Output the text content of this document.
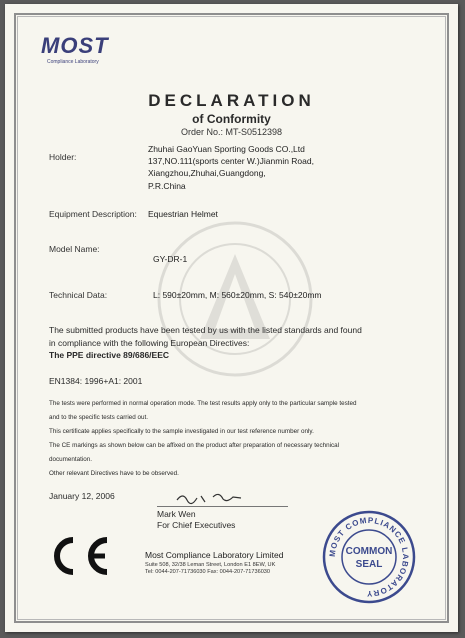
MOST
Compliance Laboratory
DECLARATION
of Conformity
Order No.: MT-S0512398
Holder:
Zhuhai GaoYuan Sporting Goods CO.,Ltd
137,NO.111(sports center W.)Jianmin Road,
Xiangzhou,Zhuhai,Guangdong,
P.R.China
Equipment Description: Equestrian Helmet
Model Name:
GY-DR-1
Technical Data:	L: 590±20mm, M: 560±20mm, S: 540±20mm
The submitted products have been tested by us with the listed standards and found
in compliance with the following European Directives:
The PPE directive 89/686/EEC
EN1384: 1996+A1: 2001
The tests were performed in normal operation mode. The test results apply only to the particular sample tested
and to the specific tests carried out.
This certificate applies specifically to the sample investigated in our test reference number only.
The CE markings as shown below can be affixed on the product after preparation of necessary technical
documentation.
Other relevant Directives have to be observed.
January 12, 2006
Mark Wen
For Chief Executives
Most Compliance Laboratory Limited
Suite 508, 32/38 Leman Street, London E1 8EW, UK
Tel: 0044-207-71736030 Fax: 0044-207-71736030
MOST COMPLIANCE LABORATORY
COMMON
SEAL
